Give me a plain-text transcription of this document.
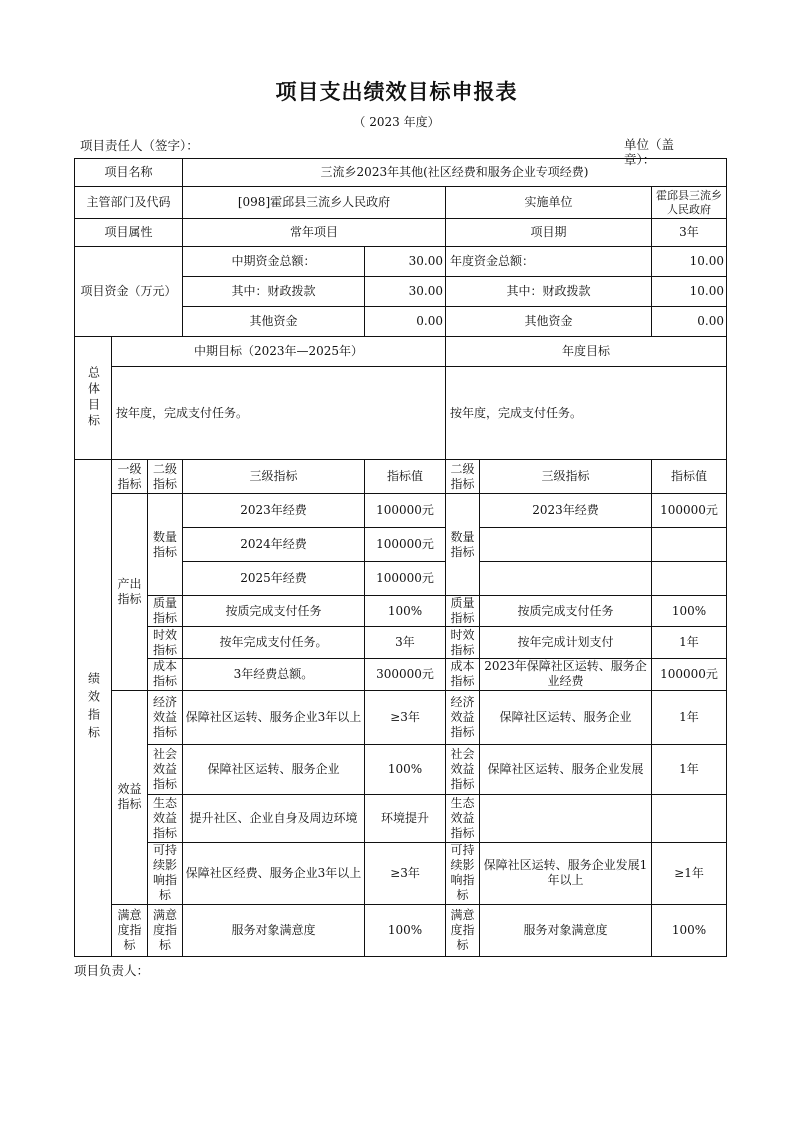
项目支出绩效目标申报表
（ 2023 年度）
项目责任人（签字）：	单位（盖
章）：
项目名称			三流乡2023年其他(社区经费和服务企业专项经费)				
主管部门及代码			[098]霍邱县三流乡人民政府		实施单位		霍邱县三流乡人民政府
项目属性			常年项目		项目期		3年
项目资金（万元）			中期资金总额：	30.00	年度资金总额：		10.00
			其中：财政拨款	30.00	其中：财政拨款		10.00
			其他资金	0.00	其他资金		0.00
总体目标	中期目标（2023年—2025年）				年度目标		
	按年度，完成支付任务。				按年度，完成支付任务。		
绩效指标	一级指标	二级指标	三级指标	指标值	二级指标	三级指标	指标值
	产出指标	数量指标	2023年经费	100000元	数量指标	2023年经费	100000元
			2024年经费	100000元			
			2025年经费	100000元			
		质量指标	按质完成支付任务	100%	质量指标	按质完成支付任务	100%
		时效指标	按年完成支付任务。	3年	时效指标	按年完成计划支付	1年
		成本指标	3年经费总额。	300000元	成本指标	2023年保障社区运转、服务企业经费	100000元
	效益指标	经济效益指标	保障社区运转、服务企业3年以上	≥3年	经济效益指标	保障社区运转、服务企业	1年
		社会效益指标	保障社区运转、服务企业	100%	社会效益指标	保障社区运转、服务企业发展	1年
		生态效益指标	提升社区、企业自身及周边环境	环境提升	生态效益指标		
		可持续影响指标	保障社区经费、服务企业3年以上	≥3年	可持续影响指标	保障社区运转、服务企业发展1年以上	≥1年
	满意度指标	满意度指标	服务对象满意度	100%	满意度指标	服务对象满意度	100%
项目负责人：
